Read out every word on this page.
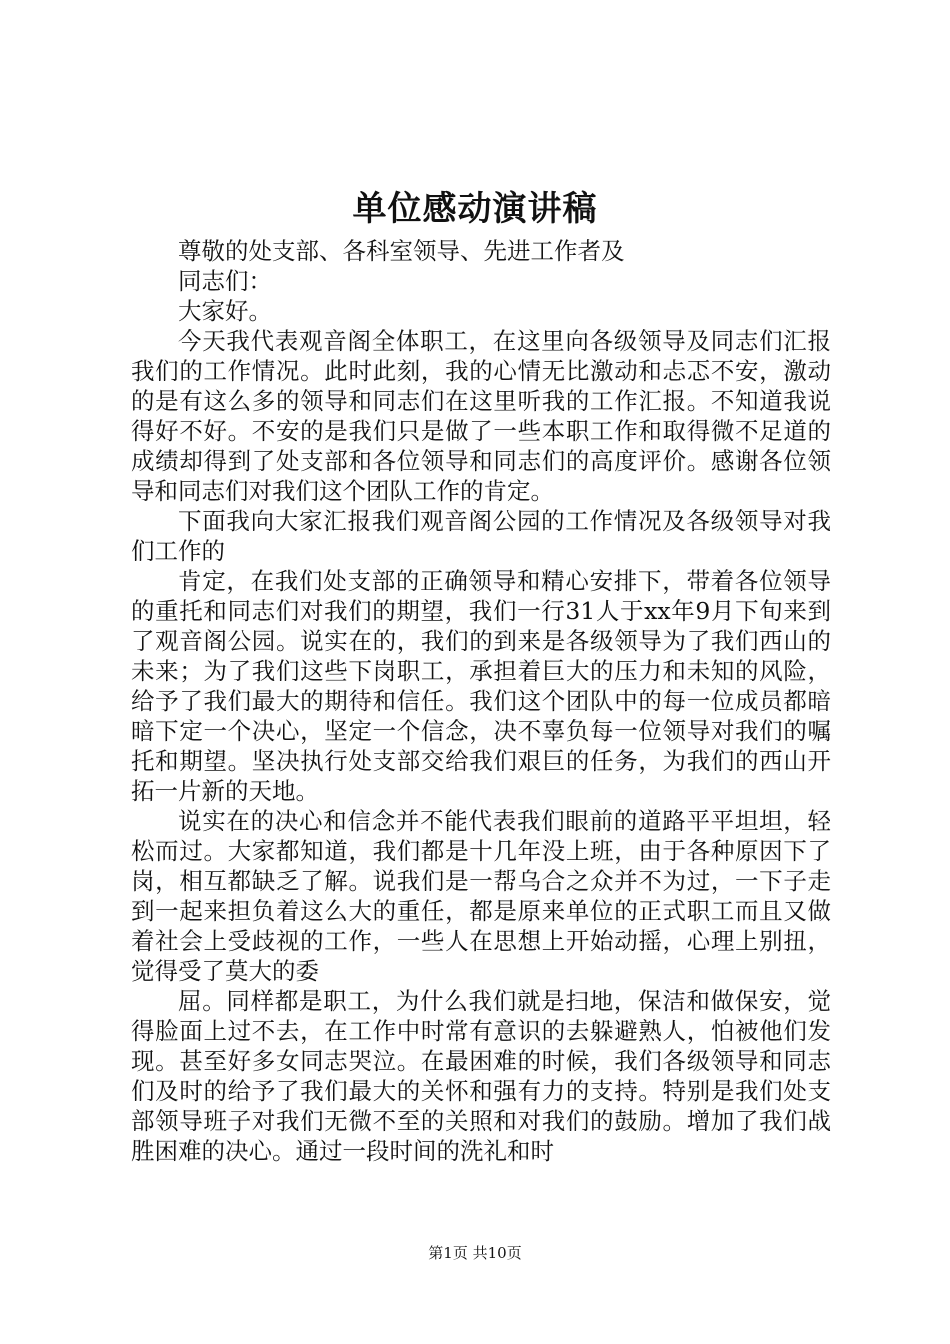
单位感动演讲稿

尊敬的处支部、各科室领导、先进工作者及

同志们：

大家好。

今天我代表观音阁全体职工，在这里向各级领导及同志们汇报我们的工作情况。此时此刻，我的心情无比激动和忐忑不安，激动的是有这么多的领导和同志们在这里听我的工作汇报。不知道我说得好不好。不安的是我们只是做了一些本职工作和取得微不足道的成绩却得到了处支部和各位领导和同志们的高度评价。感谢各位领导和同志们对我们这个团队工作的肯定。

下面我向大家汇报我们观音阁公园的工作情况及各级领导对我们工作的

肯定，在我们处支部的正确领导和精心安排下，带着各位领导的重托和同志们对我们的期望，我们一行31人于xx年9月下旬来到了观音阁公园。说实在的，我们的到来是各级领导为了我们西山的未来；为了我们这些下岗职工，承担着巨大的压力和未知的风险，给予了我们最大的期待和信任。我们这个团队中的每一位成员都暗暗下定一个决心，坚定一个信念，决不辜负每一位领导对我们的嘱托和期望。坚决执行处支部交给我们艰巨的任务，为我们的西山开拓一片新的天地。

说实在的决心和信念并不能代表我们眼前的道路平平坦坦，轻松而过。大家都知道，我们都是十几年没上班，由于各种原因下了岗，相互都缺乏了解。说我们是一帮乌合之众并不为过，一下子走到一起来担负着这么大的重任，都是原来单位的正式职工而且又做着社会上受歧视的工作，一些人在思想上开始动摇，心理上别扭，觉得受了莫大的委

屈。同样都是职工，为什么我们就是扫地，保洁和做保安，觉得脸面上过不去，在工作中时常有意识的去躲避熟人，怕被他们发现。甚至好多女同志哭泣。在最困难的时候，我们各级领导和同志们及时的给予了我们最大的关怀和强有力的支持。特别是我们处支部领导班子对我们无微不至的关照和对我们的鼓励。增加了我们战胜困难的决心。通过一段时间的洗礼和时

第1页 共10页
